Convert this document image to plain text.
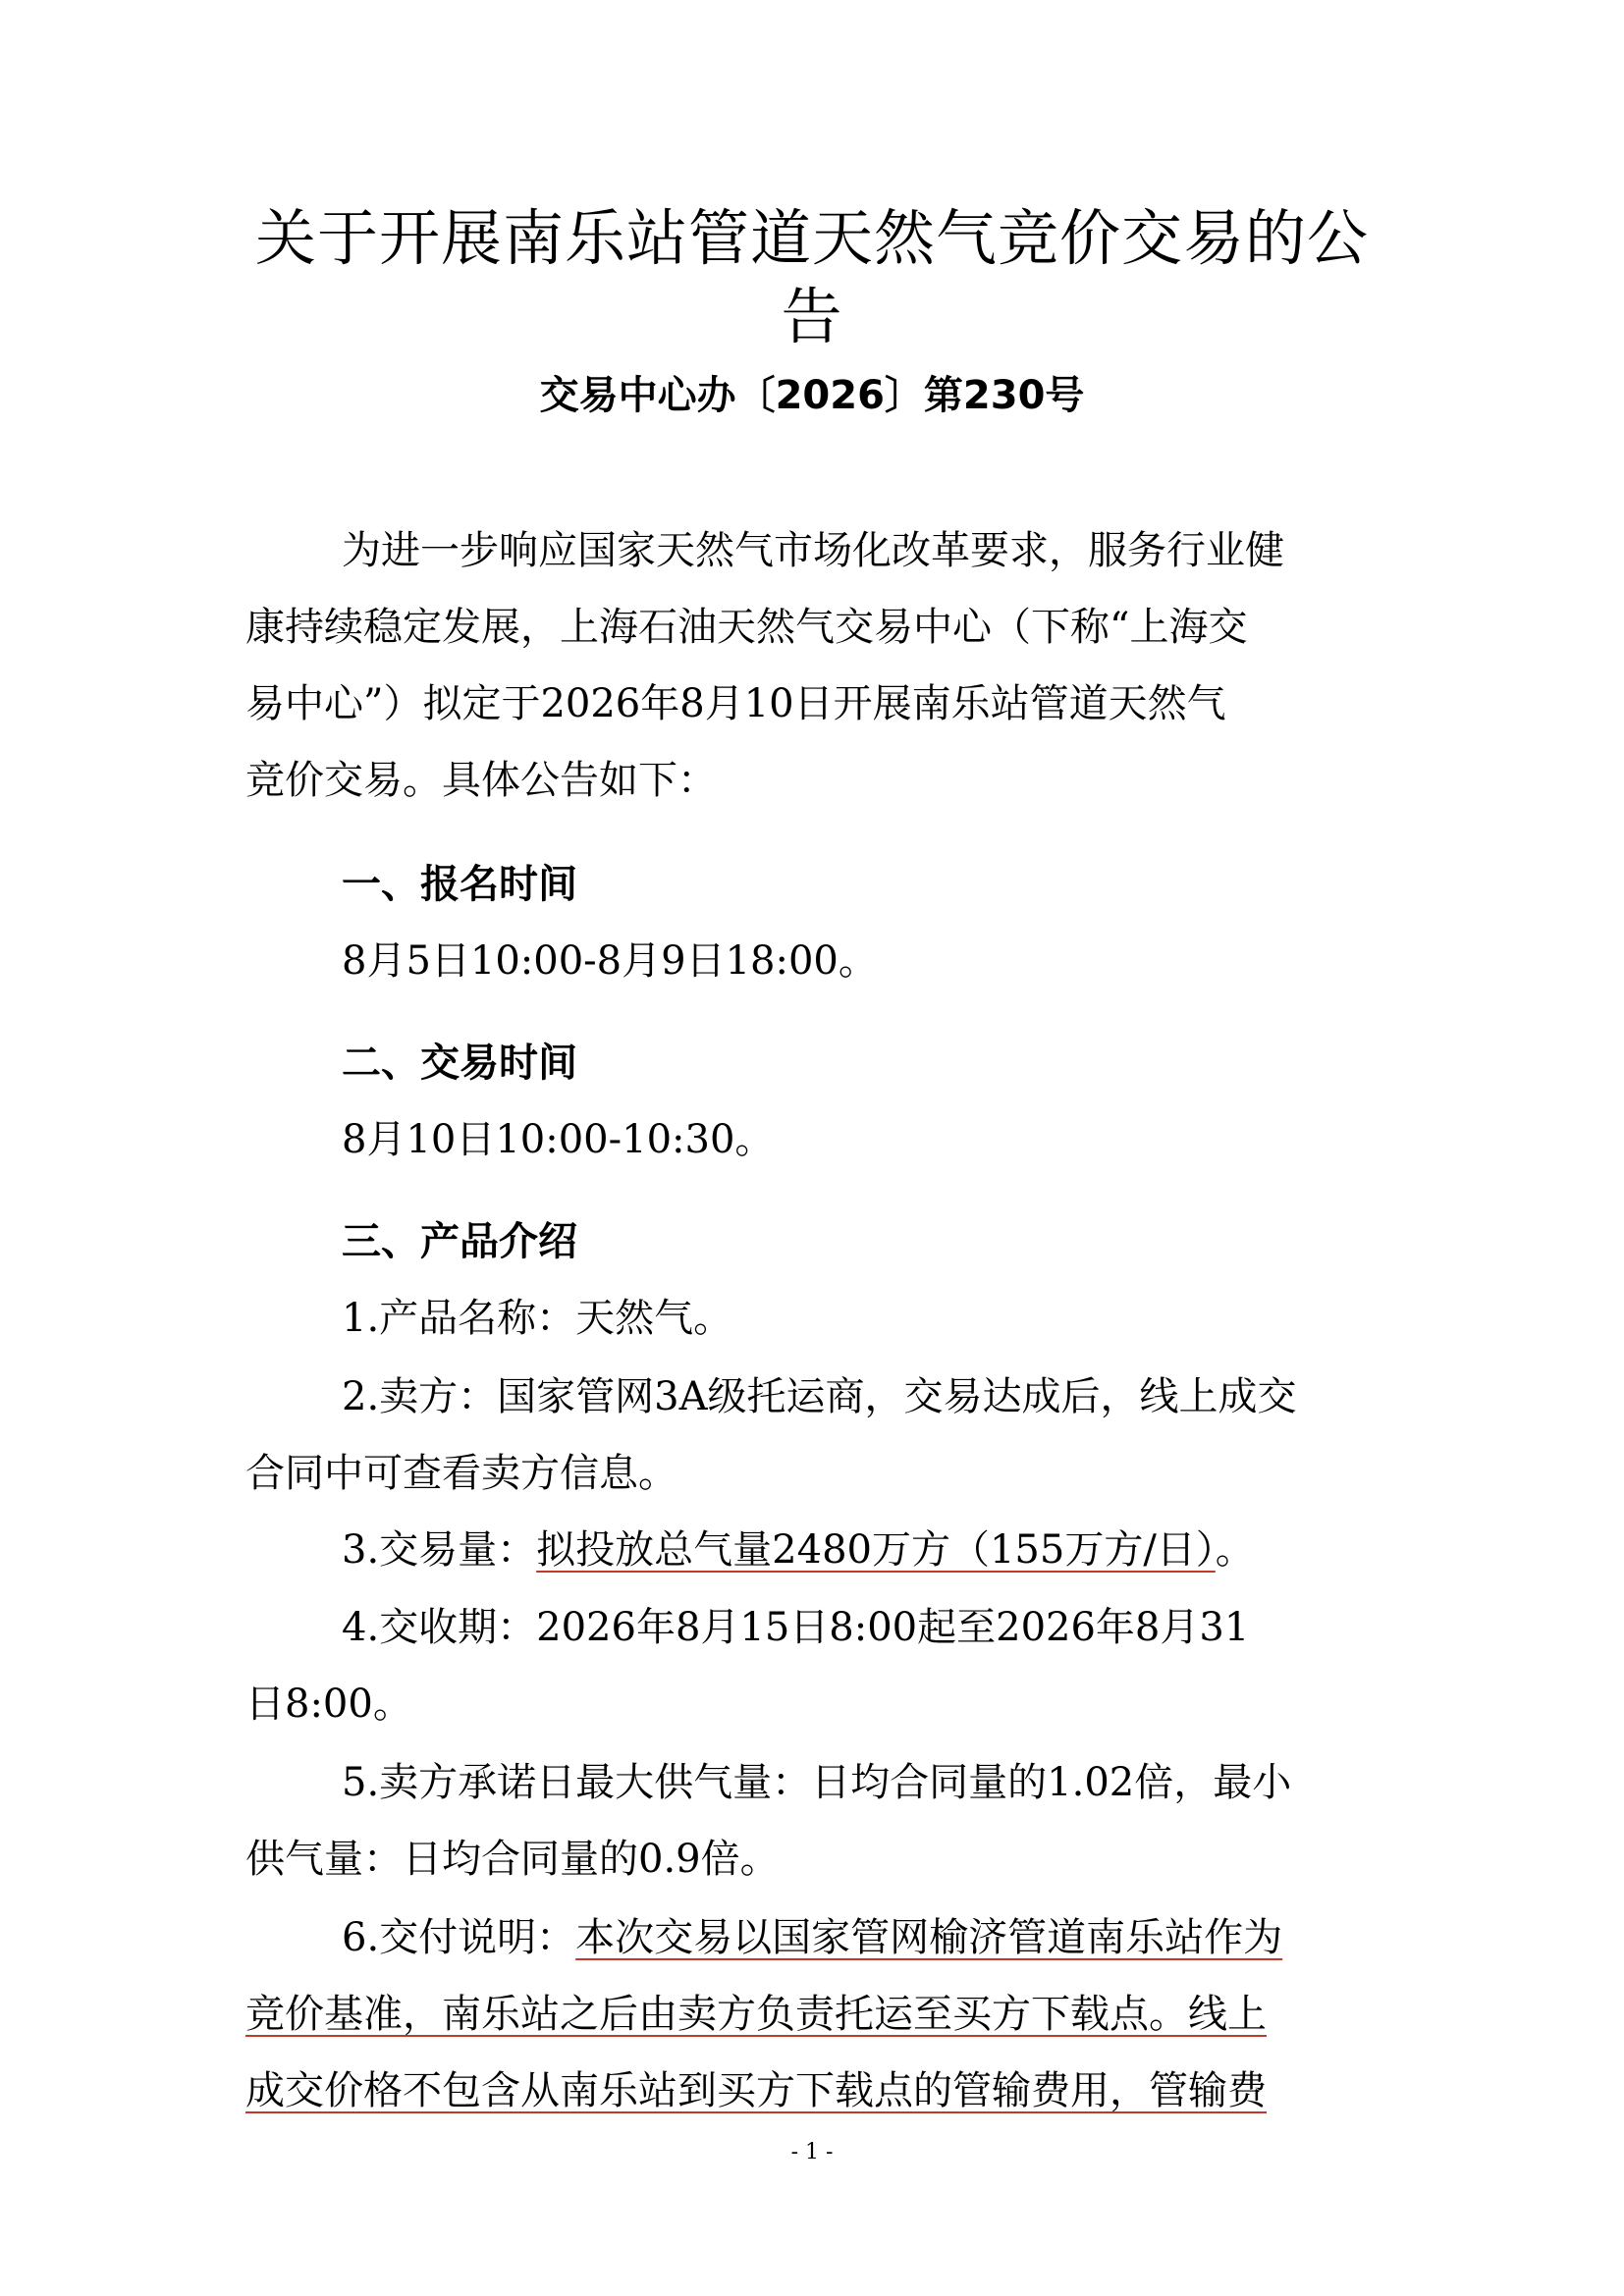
关于开展南乐站管道天然气竞价交易的公
告
交易中心办〔2026〕第230号
为进一步响应国家天然气市场化改革要求，服务行业健
康持续稳定发展，上海石油天然气交易中心（下称“上海交
易中心”）拟定于2026年8月10日开展南乐站管道天然气
竞价交易。具体公告如下：
一、报名时间
8月5日10:00-8月9日18:00。
二、交易时间
8月10日10:00-10:30。
三、产品介绍
1.产品名称：天然气。
2.卖方：国家管网3A级托运商，交易达成后，线上成交
合同中可查看卖方信息。
3.交易量：拟投放总气量2480万方（155万方/日）。
4.交收期：2026年8月15日8:00起至2026年8月31
日8:00。
5.卖方承诺日最大供气量：日均合同量的1.02倍，最小
供气量：日均合同量的0.9倍。
6.交付说明：本次交易以国家管网榆济管道南乐站作为
竞价基准，南乐站之后由卖方负责托运至买方下载点。线上
成交价格不包含从南乐站到买方下载点的管输费用，管输费
- 1 -
